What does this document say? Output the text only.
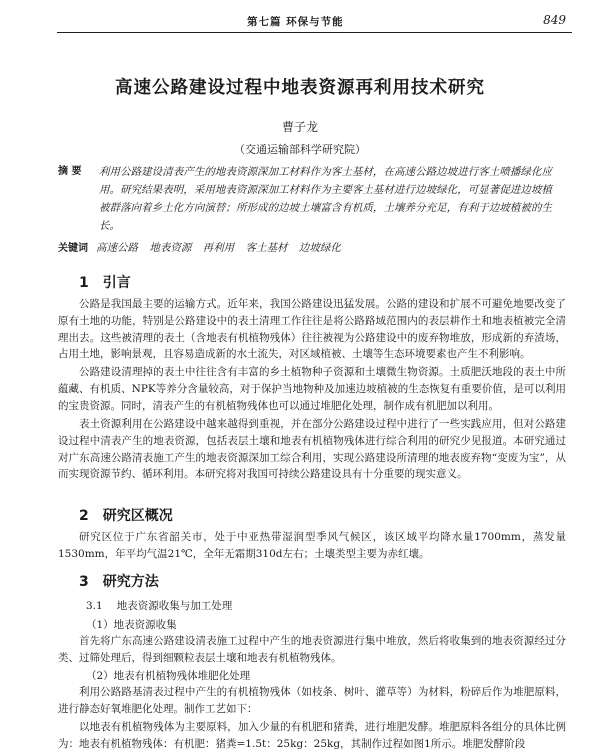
第七篇 环保与节能	849
高速公路建设过程中地表资源再利用技术研究
曹子龙
（交通运输部科学研究院）
摘 要 利用公路建设清表产生的地表资源深加工材料作为客土基材，在高速公路边坡进行客土喷播绿化应用。研究结果表明，采用地表资源深加工材料作为主要客土基材进行边坡绿化，可显著促进边坡植被群落向着乡土化方向演替；所形成的边坡土壤富含有机质，土壤养分充足，有利于边坡植被的生长。
关键词 高速公路 地表资源 再利用 客土基材 边坡绿化
1 引言

公路是我国最主要的运输方式。近年来，我国公路建设迅猛发展。公路的建设和扩展不可避免地要改变了原有土地的功能，特别是公路建设中的表土清理工作往往是将公路路域范围内的表层耕作土和地表植被完全清理出去。这些被清理的表土（含地表有机植物残体）往往被视为公路建设中的废弃物堆放，形成新的弃渣场，占用土地，影响景观，且容易造成新的水土流失，对区域植被、土壤等生态环境要素也产生不利影响。

公路建设清理掉的表土中往往含有丰富的乡土植物种子资源和土壤微生物资源。土质肥沃地段的表土中所蕴藏、有机质、NPK等养分含量较高，对于保护当地物种及加速边坡植被的生态恢复有重要价值，是可以利用的宝贵资源。同时，清表产生的有机植物残体也可以通过堆肥化处理，制作成有机肥加以利用。

表土资源利用在公路建设中越来越得到重视，并在部分公路建设过程中进行了一些实践应用，但对公路建设过程中清表产生的地表资源，包括表层土壤和地表有机植物残体进行综合利用的研究少见报道。本研究通过对广东高速公路清表施工产生的地表资源深加工综合利用，实现公路建设所清理的地表废弃物“变废为宝”，从而实现资源节约、循环利用。本研究将对我国可持续公路建设具有十分重要的现实意义。

2 研究区概况

研究区位于广东省韶关市，处于中亚热带湿润型季风气候区，该区域平均降水量1700mm，蒸发量1530mm，年平均气温21℃，全年无霜期310d左右；土壤类型主要为赤红壤。

3 研究方法
3.1 地表资源收集与加工处理
（1）地表资源收集

首先将广东高速公路建设清表施工过程中产生的地表资源进行集中堆放，然后将收集到的地表资源经过分类、过筛处理后，得到细颗粒表层土壤和地表有机植物残体。

（2）地表有机植物残体堆肥化处理

利用公路路基清表过程中产生的有机植物残体（如枝条、树叶、灌草等）为材料，粉碎后作为堆肥原料，进行静态好氧堆肥化处理。制作工艺如下：

以地表有机植物残体为主要原料，加入少量的有机肥和猪粪，进行堆肥发酵。堆肥原料各组分的具体比例为：地表有机植物残体：有机肥：猪粪=1.5t：25kg：25kg，其制作过程如图1所示。堆肥发酵阶段
